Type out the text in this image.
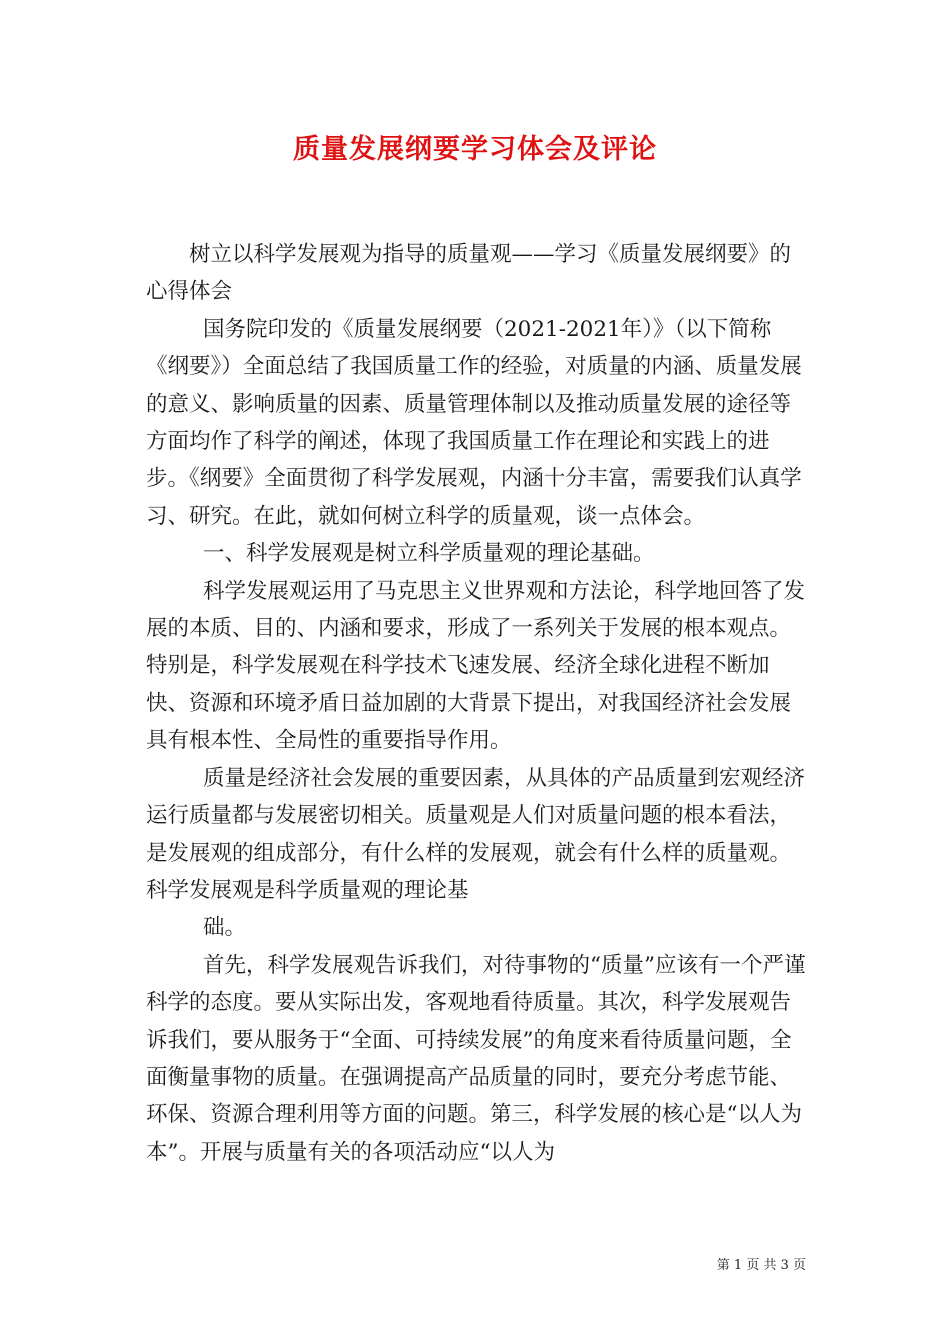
质量发展纲要学习体会及评论

树立以科学发展观为指导的质量观——学习《质量发展纲要》的心得体会

国务院印发的《质量发展纲要（2021-2021年）》（以下简称《纲要》）全面总结了我国质量工作的经验，对质量的内涵、质量发展的意义、影响质量的因素、质量管理体制以及推动质量发展的途径等方面均作了科学的阐述，体现了我国质量工作在理论和实践上的进步。《纲要》全面贯彻了科学发展观，内涵十分丰富，需要我们认真学习、研究。在此，就如何树立科学的质量观，谈一点体会。

一、科学发展观是树立科学质量观的理论基础。

科学发展观运用了马克思主义世界观和方法论，科学地回答了发展的本质、目的、内涵和要求，形成了一系列关于发展的根本观点。特别是，科学发展观在科学技术飞速发展、经济全球化进程不断加快、资源和环境矛盾日益加剧的大背景下提出，对我国经济社会发展具有根本性、全局性的重要指导作用。

质量是经济社会发展的重要因素，从具体的产品质量到宏观经济运行质量都与发展密切相关。质量观是人们对质量问题的根本看法，是发展观的组成部分，有什么样的发展观，就会有什么样的质量观。科学发展观是科学质量观的理论基

础。

首先，科学发展观告诉我们，对待事物的“质量”应该有一个严谨科学的态度。要从实际出发，客观地看待质量。其次，科学发展观告诉我们，要从服务于“全面、可持续发展”的角度来看待质量问题，全面衡量事物的质量。在强调提高产品质量的同时，要充分考虑节能、环保、资源合理利用等方面的问题。第三，科学发展的核心是“以人为本”。开展与质量有关的各项活动应“以人为

第 1 页 共 3 页
